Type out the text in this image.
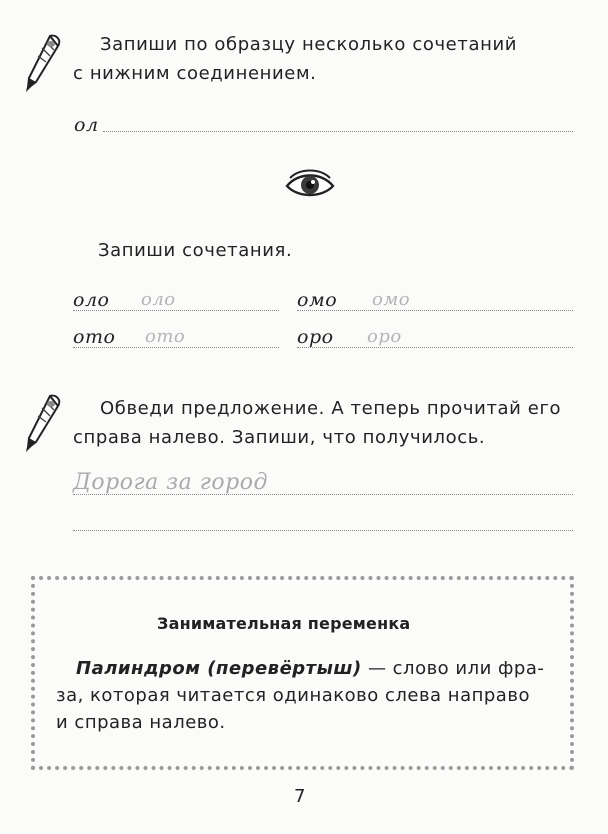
Запиши по образцу несколько сочетаний
с нижним соединением.
ол
Запиши сочетания.
оло оло	омо омо
ото ото	оро оро
Обведи предложение. А теперь прочитай его
справа налево. Запиши, что получилось.
Дорога за город
Занимательная переменка
Палиндром (перевёртыш) — слово или фра-
за, которая читается одинаково слева направо
и справа налево.
7
